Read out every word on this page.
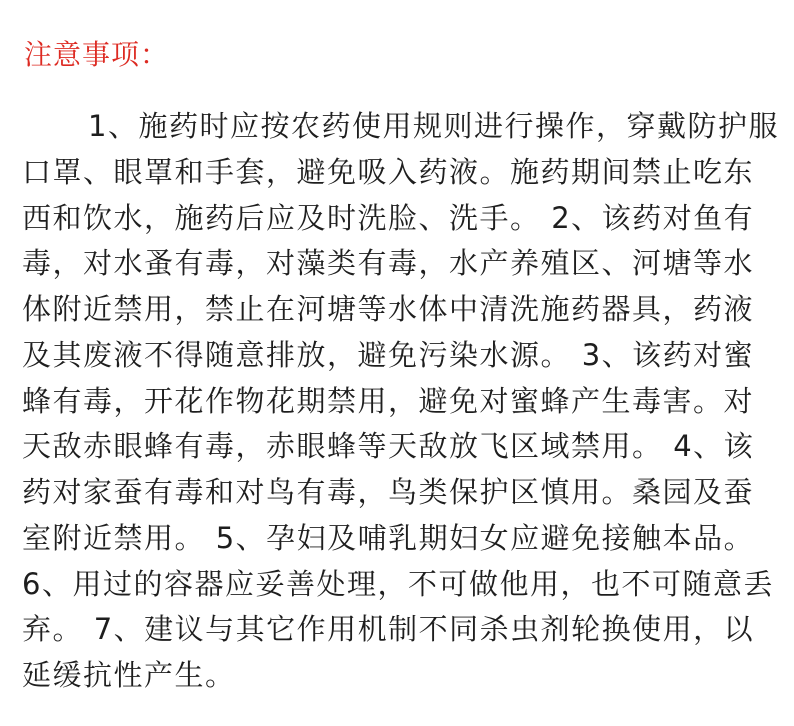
注意事项：
1、施药时应按农药使用规则进行操作，穿戴防护服
口罩、眼罩和手套，避免吸入药液。施药期间禁止吃东
西和饮水，施药后应及时洗脸、洗手。 2、该药对鱼有
毒，对水蚤有毒，对藻类有毒，水产养殖区、河塘等水
体附近禁用，禁止在河塘等水体中清洗施药器具，药液
及其废液不得随意排放，避免污染水源。 3、该药对蜜
蜂有毒，开花作物花期禁用，避免对蜜蜂产生毒害。对
天敌赤眼蜂有毒，赤眼蜂等天敌放飞区域禁用。 4、该
药对家蚕有毒和对鸟有毒，鸟类保护区慎用。桑园及蚕
室附近禁用。 5、孕妇及哺乳期妇女应避免接触本品。
6、用过的容器应妥善处理，不可做他用，也不可随意丢
弃。 7、建议与其它作用机制不同杀虫剂轮换使用，以
延缓抗性产生。
